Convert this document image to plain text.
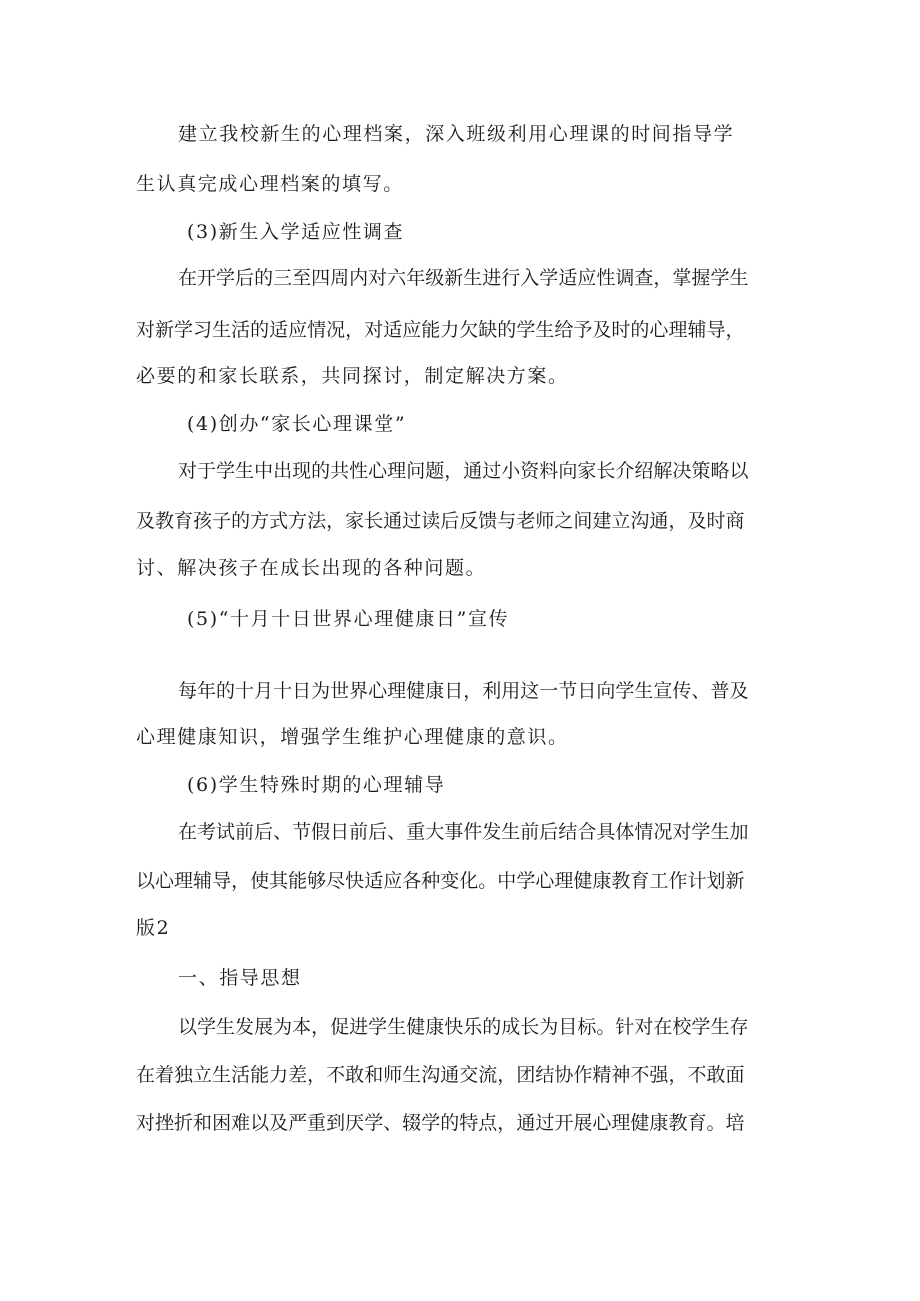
建立我校新生的心理档案，深入班级利用心理课的时间指导学
生认真完成心理档案的填写。
(3)新生入学适应性调查
在 开 学 后 的 三 至 四 周 内 对 六 年 级 新 生 进 行 入 学 适 应 性 调 查 ， 掌 握 学 生
对 新 学 习 生 活 的 适 应 情 况 ， 对 适 应 能 力 欠 缺 的 学 生 给 予 及 时 的 心 理 辅 导 ，
必要的和家长联系，共同探讨，制定解决方案。
(4)创办“家长心理课堂”
对 于 学 生 中 出 现 的 共 性 心 理 问 题 ， 通 过 小 资 料 向 家 长 介 绍 解 决 策 略 以
及 教 育 孩 子 的 方 式 方 法 ， 家 长 通 过 读 后 反 馈 与 老 师 之 间 建 立 沟 通 ， 及 时 商
讨、解决孩子在成长出现的各种问题。
(5)“十月十日世界心理健康日”宣传
每 年 的 十 月 十 日 为 世 界 心 理 健 康 日 ， 利 用 这 一 节 日 向 学 生 宣 传 、 普 及
心理健康知识，增强学生维护心理健康的意识。
(6)学生特殊时期的心理辅导
在 考 试 前 后 、 节 假 日 前 后 、 重 大 事 件 发 生 前 后 结 合 具 体 情 况 对 学 生 加
以 心 理 辅 导 ， 使 其 能 够 尽 快 适 应 各 种 变 化 。 中 学 心 理 健 康 教 育 工 作 计 划 新
版2
一、指导思想
以 学 生 发 展 为 本 ， 促 进 学 生 健 康 快 乐 的 成 长 为 目 标 。 针 对 在 校 学 生 存
在 着 独 立 生 活 能 力 差 ， 不 敢 和 师 生 沟 通 交 流 ， 团 结 协 作 精 神 不 强 ， 不 敢 面
对 挫 折 和 困 难 以 及 严 重 到 厌 学 、 辍 学 的 特 点 ， 通 过 开 展 心 理 健 康 教 育 。 培
